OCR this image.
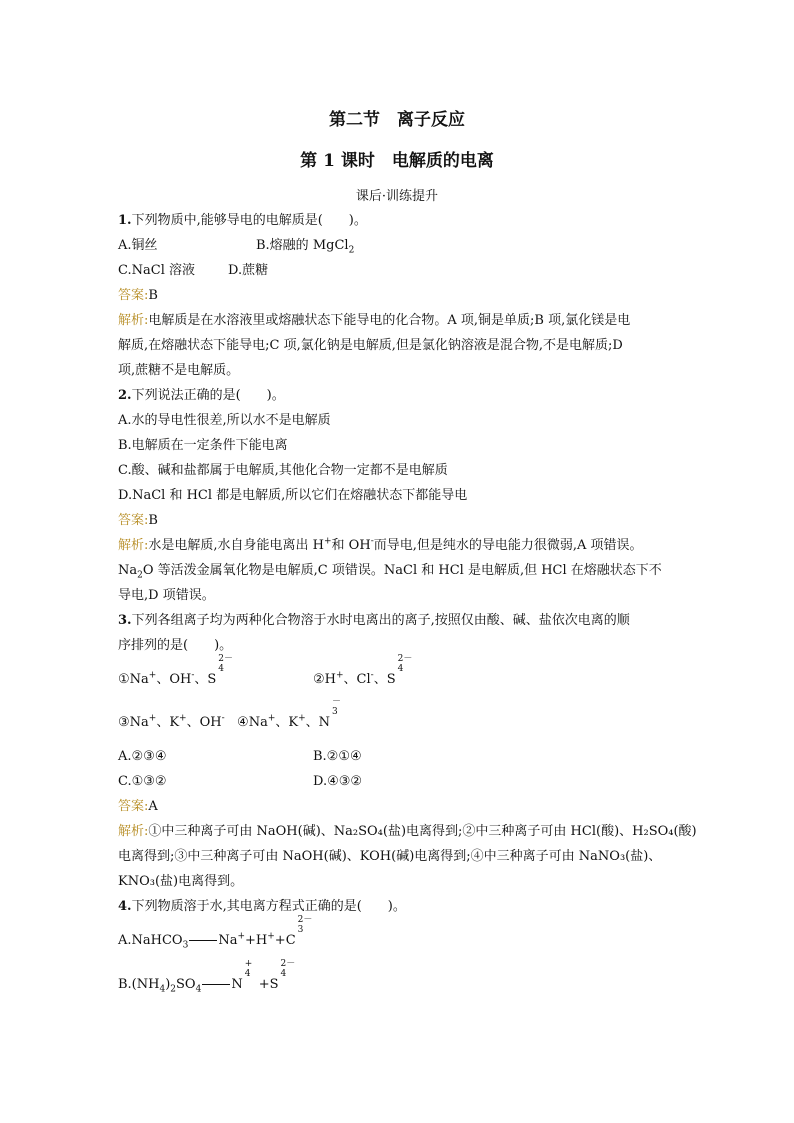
第二节　离子反应
第 1 课时　电解质的电离
课后·训练提升
1.下列物质中,能够导电的电解质是(　　)。
A.铜丝	B.熔融的 MgCl$_2$
C.NaCl 溶液	D.蔗糖
答案:B
解析:电解质是在水溶液里或熔融状态下能导电的化合物。A 项,铜是单质;B 项,氯化镁是电
解质,在熔融状态下能导电;C 项,氯化钠是电解质,但是氯化钠溶液是混合物,不是电解质;D
项,蔗糖不是电解质。
2.下列说法正确的是(　　)。
A.水的导电性很差,所以水不是电解质
B.电解质在一定条件下能电离
C.酸、碱和盐都属于电解质,其他化合物一定都不是电解质
D.NaCl 和 HCl 都是电解质,所以它们在熔融状态下都能导电
答案:B
解析:水是电解质,水自身能电离出 H+和 OH-而导电,但是纯水的导电能力很微弱,A 项错误。
$Na_2O$ 等活泼金属氧化物是电解质,C 项错误。NaCl 和 HCl 是电解质,但 HCl 在熔融状态下不
导电,D 项错误。
3.下列各组离子均为两种化合物溶于水时电离出的离子,按照仅由酸、碱、盐依次电离的顺
序排列的是(　　)。
①Na+、OH-、S
2－
4
②H+、Cl-、S
2－
4
③Na+、K+、OH- ④Na+、K+、N
－
3
A.②③④	B.②①④
C.①③②	D.④③②
答案:A
解析:①中三种离子可由 NaOH(碱)、Na₂SO₄(盐)电离得到;②中三种离子可由 HCl(酸)、H₂SO₄(酸)
电离得到;③中三种离子可由 NaOH(碱)、KOH(碱)电离得到;④中三种离子可由 NaNO₃(盐)、
KNO₃(盐)电离得到。
4.下列物质溶于水,其电离方程式正确的是(　　)。
A.NaHCO$_3$ Na++H++C
2－
3
$B.(NH_4)_2SO_4$ N
+
4
+S
2－
4
